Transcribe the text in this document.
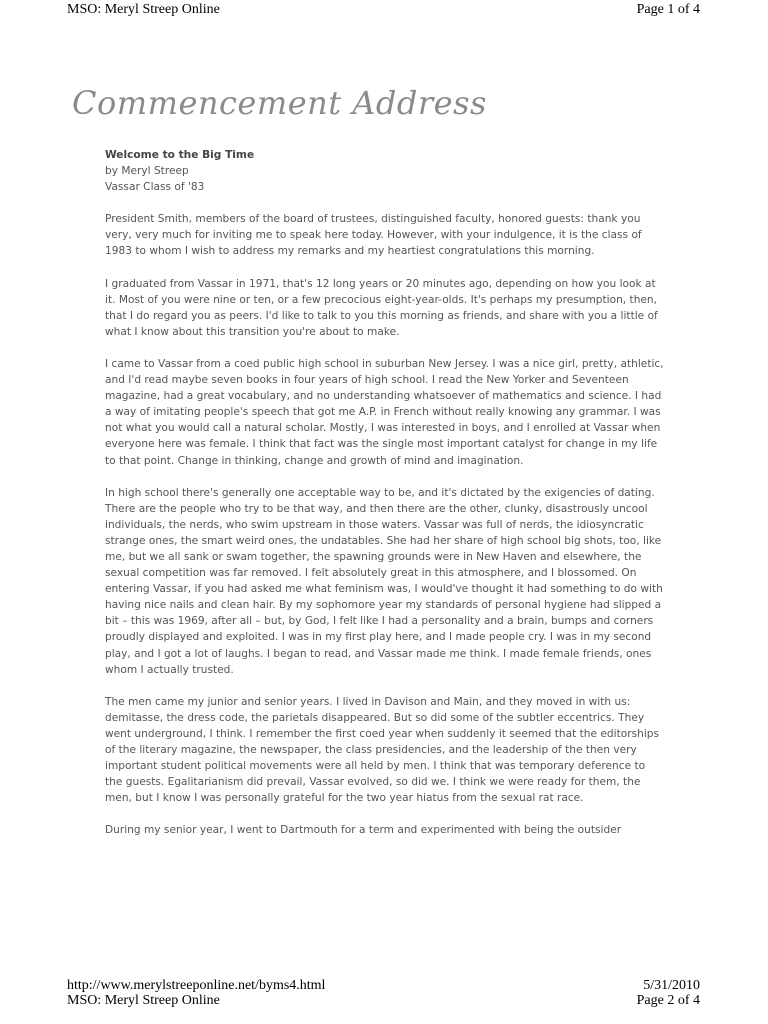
MSO: Meryl Streep Online	Page 1 of 4
Commencement Address
Welcome to the Big Time
by Meryl Streep
Vassar Class of '83

President Smith, members of the board of trustees, distinguished faculty, honored guests: thank you very, very much for inviting me to speak here today. However, with your indulgence, it is the class of 1983 to whom I wish to address my remarks and my heartiest congratulations this morning.

I graduated from Vassar in 1971, that's 12 long years or 20 minutes ago, depending on how you look at it. Most of you were nine or ten, or a few precocious eight-year-olds. It's perhaps my presumption, then, that I do regard you as peers. I'd like to talk to you this morning as friends, and share with you a little of what I know about this transition you're about to make.

I came to Vassar from a coed public high school in suburban New Jersey. I was a nice girl, pretty, athletic, and I'd read maybe seven books in four years of high school. I read the New Yorker and Seventeen magazine, had a great vocabulary, and no understanding whatsoever of mathematics and science. I had a way of imitating people's speech that got me A.P. in French without really knowing any grammar. I was not what you would call a natural scholar. Mostly, I was interested in boys, and I enrolled at Vassar when everyone here was female. I think that fact was the single most important catalyst for change in my life to that point. Change in thinking, change and growth of mind and imagination.

In high school there's generally one acceptable way to be, and it's dictated by the exigencies of dating. There are the people who try to be that way, and then there are the other, clunky, disastrously uncool individuals, the nerds, who swim upstream in those waters. Vassar was full of nerds, the idiosyncratic strange ones, the smart weird ones, the undatables. She had her share of high school big shots, too, like me, but we all sank or swam together, the spawning grounds were in New Haven and elsewhere, the sexual competition was far removed. I felt absolutely great in this atmosphere, and I blossomed. On entering Vassar, if you had asked me what feminism was, I would've thought it had something to do with having nice nails and clean hair. By my sophomore year my standards of personal hygiene had slipped a bit – this was 1969, after all – but, by God, I felt like I had a personality and a brain, bumps and corners proudly displayed and exploited. I was in my first play here, and I made people cry. I was in my second play, and I got a lot of laughs. I began to read, and Vassar made me think. I made female friends, ones whom I actually trusted.

The men came my junior and senior years. I lived in Davison and Main, and they moved in with us: demitasse, the dress code, the parietals disappeared. But so did some of the subtler eccentrics. They went underground, I think. I remember the first coed year when suddenly it seemed that the editorships of the literary magazine, the newspaper, the class presidencies, and the leadership of the then very important student political movements were all held by men. I think that was temporary deference to the guests. Egalitarianism did prevail, Vassar evolved, so did we. I think we were ready for them, the men, but I know I was personally grateful for the two year hiatus from the sexual rat race.

During my senior year, I went to Dartmouth for a term and experimented with being the outsider

http://www.merylstreeponline.net/byms4.html	5/31/2010
MSO: Meryl Streep Online	Page 2 of 4
